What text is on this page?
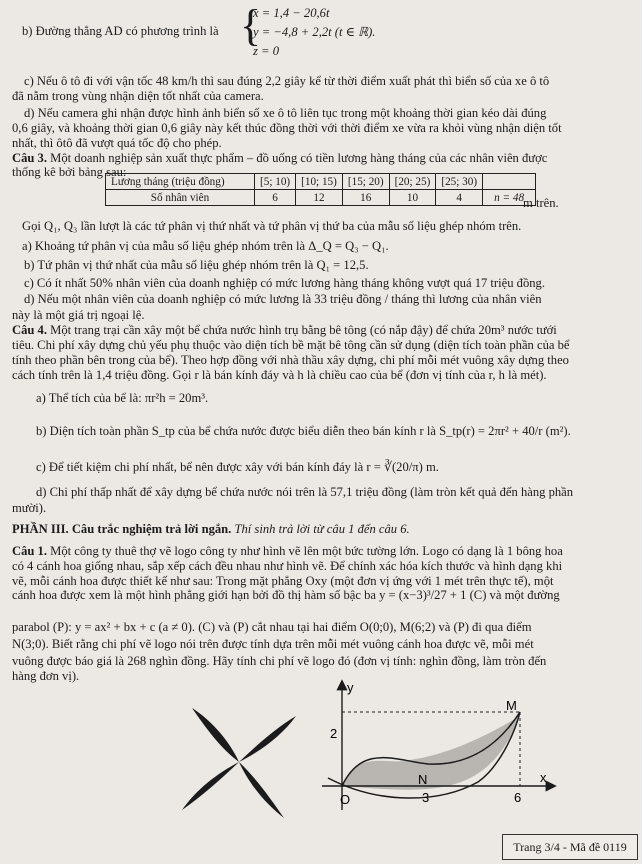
b) Đường thẳng AD có phương trình là {
x = 1,4 − 20,6t
y = −4,8 + 2,2t (t ∈ ℝ).
z = 0
c) Nếu ô tô đi với vận tốc 48 km/h thì sau đúng 2,2 giây kể từ thời điểm xuất phát thì biển số của xe ô tô
đã nằm trong vùng nhận diện tốt nhất của camera.
d) Nếu camera ghi nhận được hình ảnh biển số xe ô tô liên tục trong một khoảng thời gian kéo dài đúng
0,6 giây, và khoảng thời gian 0,6 giây này kết thúc đồng thời với thời điểm xe vừa ra khỏi vùng nhận diện tốt
nhất, thì ôtô đã vượt quá tốc độ cho phép.
Câu 3. Một doanh nghiệp sản xuất thực phẩm – đồ uống có tiền lương hàng tháng của các nhân viên được
thống kê bởi bảng sau:
Lương tháng (triệu đồng)	[5; 10)	[10; 15)	[15; 20)	[20; 25)	[25; 30)	
Số nhân viên	6	12	16	10	4	n = 48
m trên.
Gọi Q₁, Q₃ lần lượt là các tứ phân vị thứ nhất và tứ phân vị thứ ba của mẫu số liệu ghép nhóm trên.
a) Khoảng tứ phân vị của mẫu số liệu ghép nhóm trên là Δ_Q = Q₃ − Q₁.
b) Tứ phân vị thứ nhất của mẫu số liệu ghép nhóm trên là Q₁ = 12,5.
c) Có ít nhất 50% nhân viên của doanh nghiệp có mức lương hàng tháng không vượt quá 17 triệu đồng.
d) Nếu một nhân viên của doanh nghiệp có mức lương là 33 triệu đồng / tháng thì lương của nhân viên
này là một giá trị ngoại lệ.
Câu 4. Một trang trại cần xây một bể chứa nước hình trụ bằng bê tông (có nắp đậy) để chứa 20m³ nước tưới
tiêu. Chi phí xây dựng chủ yếu phụ thuộc vào diện tích bề mặt bê tông cần sử dụng (diện tích toàn phần của bể
tính theo phần bên trong của bể). Theo hợp đồng với nhà thầu xây dựng, chi phí mỗi mét vuông xây dựng theo
cách tính trên là 1,4 triệu đồng. Gọi r là bán kính đáy và h là chiều cao của bể (đơn vị tính của r, h là mét).
a) Thể tích của bể là: πr²h = 20m³.
b) Diện tích toàn phần S_tp của bể chứa nước được biểu diễn theo bán kính r là S_tp(r) = 2πr² + 40/r (m²).
c) Để tiết kiệm chi phí nhất, bể nên được xây với bán kính đáy là r = ∛(20/π) m.
d) Chi phí thấp nhất để xây dựng bể chứa nước nói trên là 57,1 triệu đồng (làm tròn kết quả đến hàng phần
mười).
PHẦN III. Câu trắc nghiệm trả lời ngắn. Thí sinh trả lời từ câu 1 đến câu 6.
Câu 1. Một công ty thuê thợ vẽ logo công ty như hình vẽ lên một bức tường lớn. Logo có dạng là 1 bông hoa
có 4 cánh hoa giống nhau, sắp xếp cách đều nhau như hình vẽ. Để chính xác hóa kích thước và hình dạng khi
vẽ, mỗi cánh hoa được thiết kế như sau: Trong mặt phẳng Oxy (một đơn vị ứng với 1 mét trên thực tế), một
cánh hoa được xem là một hình phẳng giới hạn bởi đồ thị hàm số bậc ba y = (x−3)³/27 + 1 (C) và một đường
parabol (P): y = ax² + bx + c (a ≠ 0). (C) và (P) cắt nhau tại hai điểm O(0;0), M(6;2) và (P) đi qua điểm
N(3;0). Biết rằng chi phí vẽ logo nói trên được tính dựa trên mỗi mét vuông cánh hoa được vẽ, mỗi mét
vuông được báo giá là 268 nghìn đồng. Hãy tính chi phí vẽ logo đó (đơn vị tính: nghìn đồng, làm tròn đến
hàng đơn vị).
y
x
2
O	3	6
M
N
Trang 3/4 - Mã đề 0119
